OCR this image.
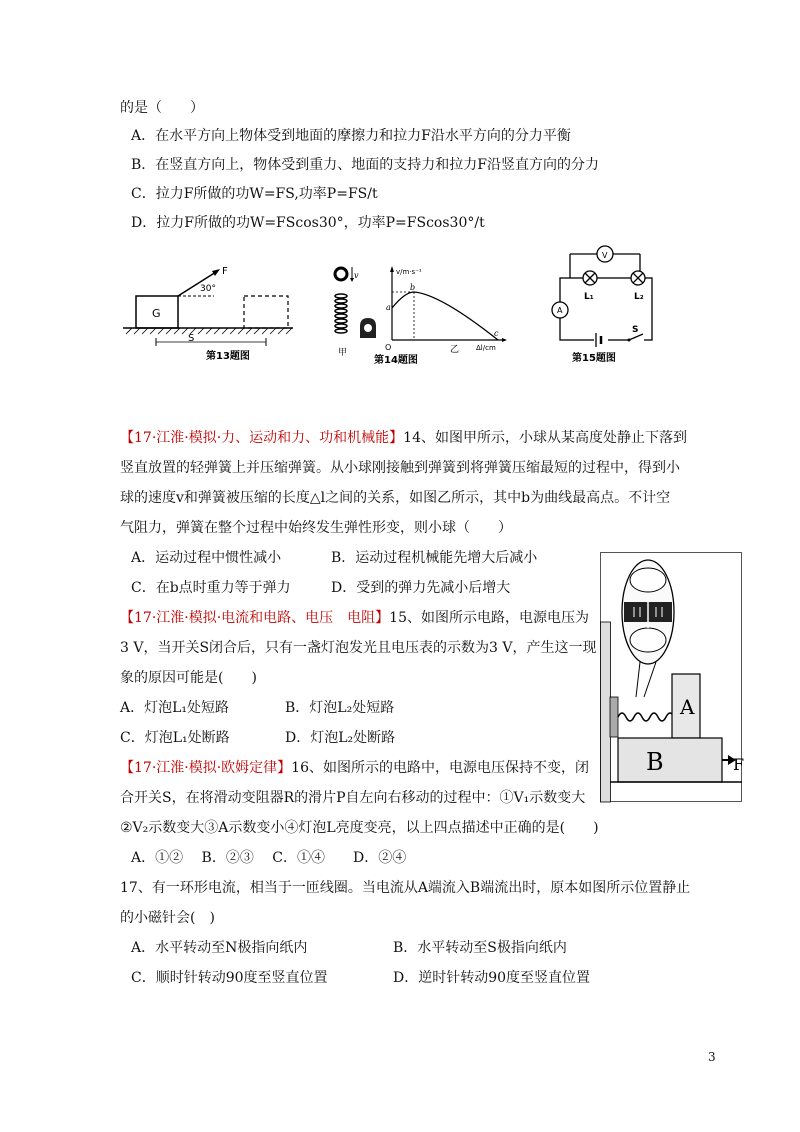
的是（　　）
A．在水平方向上物体受到地面的摩擦力和拉力F沿水平方向的分力平衡
B．在竖直方向上，物体受到重力、地面的支持力和拉力F沿竖直方向的分力
C．拉力F所做的功W=FS,功率P=FS/t
D．拉力F所做的功W=FScos30°，功率P=FScos30°/t
G
F
30°
S
第13题图
v
甲
v/m·s⁻¹
Δl/cm
O
a
b
c
乙
第14题图
V
A
L₁	L₂
S
第15题图
【17·江淮·模拟·力、运动和力、功和机械能】14、如图甲所示，小球从某高度处静止下落到
竖直放置的轻弹簧上并压缩弹簧。从小球刚接触到弹簧到将弹簧压缩最短的过程中，得到小
球的速度v和弹簧被压缩的长度△l之间的关系，如图乙所示，其中b为曲线最高点。不计空
气阻力，弹簧在整个过程中始终发生弹性形变，则小球（　　）
A．运动过程中惯性减小	B．运动过程机械能先增大后减小
C．在b点时重力等于弹力	D．受到的弹力先减小后增大
【17·江淮·模拟·电流和电路、电压　电阻】15、如图所示电路，电源电压为
3 V，当开关S闭合后，只有一盏灯泡发光且电压表的示数为3 V，产生这一现
象的原因可能是(　　)
A．灯泡L₁处短路	B．灯泡L₂处短路
C．灯泡L₁处断路	D．灯泡L₂处断路
【17·江淮·模拟·欧姆定律】16、如图所示的电路中，电源电压保持不变，闭
合开关S，在将滑动变阻器R的滑片P自左向右移动的过程中：①V₁示数变大
②V₂示数变大③A示数变小④灯泡L亮度变亮，以上四点描述中正确的是(　　)
A．①②　 B．②③　 C．①④　　D．②④
A
B	F
17、有一环形电流，相当于一匝线圈。当电流从A端流入B端流出时，原本如图所示位置静止
的小磁针会(　)
A．水平转动至N极指向纸内	B．水平转动至S极指向纸内
C．顺时针转动90度至竖直位置	D．逆时针转动90度至竖直位置
3
